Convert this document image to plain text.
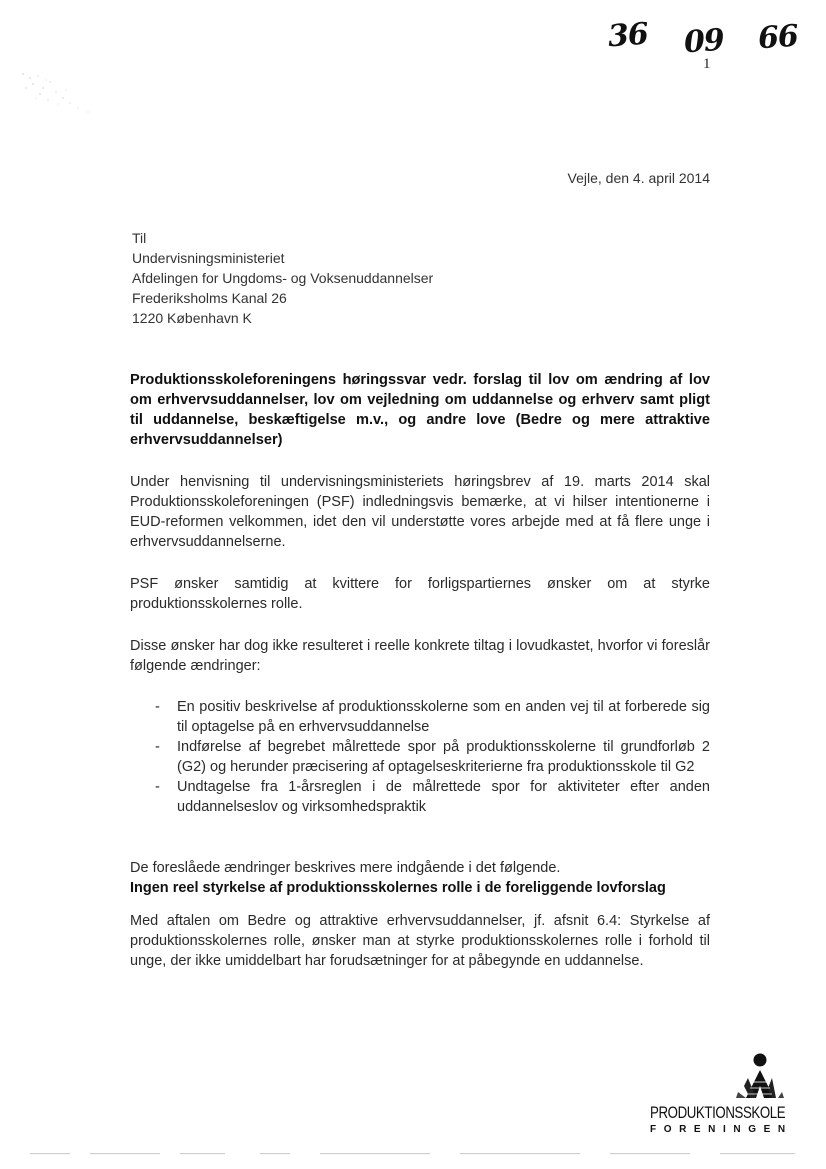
36 09 66
1
Vejle, den 4. april 2014
Til
Undervisningsministeriet
Afdelingen for Ungdoms- og Voksenuddannelser
Frederiksholms Kanal 26
1220 København K
Produktionsskoleforeningens høringssvar vedr. forslag til lov om ændring af lov om erhvervsuddannelser, lov om vejledning om uddannelse og erhverv samt pligt til uddannelse, beskæftigelse m.v., og andre love (Bedre og mere attraktive erhvervsuddannelser)
Under henvisning til undervisningsministeriets høringsbrev af 19. marts 2014 skal Produktionsskoleforeningen (PSF) indledningsvis bemærke, at vi hilser intentionerne i EUD-reformen velkommen, idet den vil understøtte vores arbejde med at få flere unge i erhvervsuddannelserne.
PSF ønsker samtidig at kvittere for forligspartiernes ønsker om at styrke produktionsskolernes rolle.
Disse ønsker har dog ikke resulteret i reelle konkrete tiltag i lovudkastet, hvorfor vi foreslår følgende ændringer:
- En positiv beskrivelse af produktionsskolerne som en anden vej til at forberede sig til optagelse på en erhvervsuddannelse
- Indførelse af begrebet målrettede spor på produktionsskolerne til grundforløb 2 (G2) og herunder præcisering af optagelseskriterierne fra produktionsskole til G2
- Undtagelse fra 1-årsreglen i de målrettede spor for aktiviteter efter anden uddannelseslov og virksomhedspraktik
De foreslåede ændringer beskrives mere indgående i det følgende.
Ingen reel styrkelse af produktionsskolernes rolle i de foreliggende lovforslag
Med aftalen om Bedre og attraktive erhvervsuddannelser, jf. afsnit 6.4: Styrkelse af produktionsskolernes rolle, ønsker man at styrke produktionsskolernes rolle i forhold til unge, der ikke umiddelbart har forudsætninger for at påbegynde en uddannelse.
PRODUKTIONSSKOLE
FORENINGEN
